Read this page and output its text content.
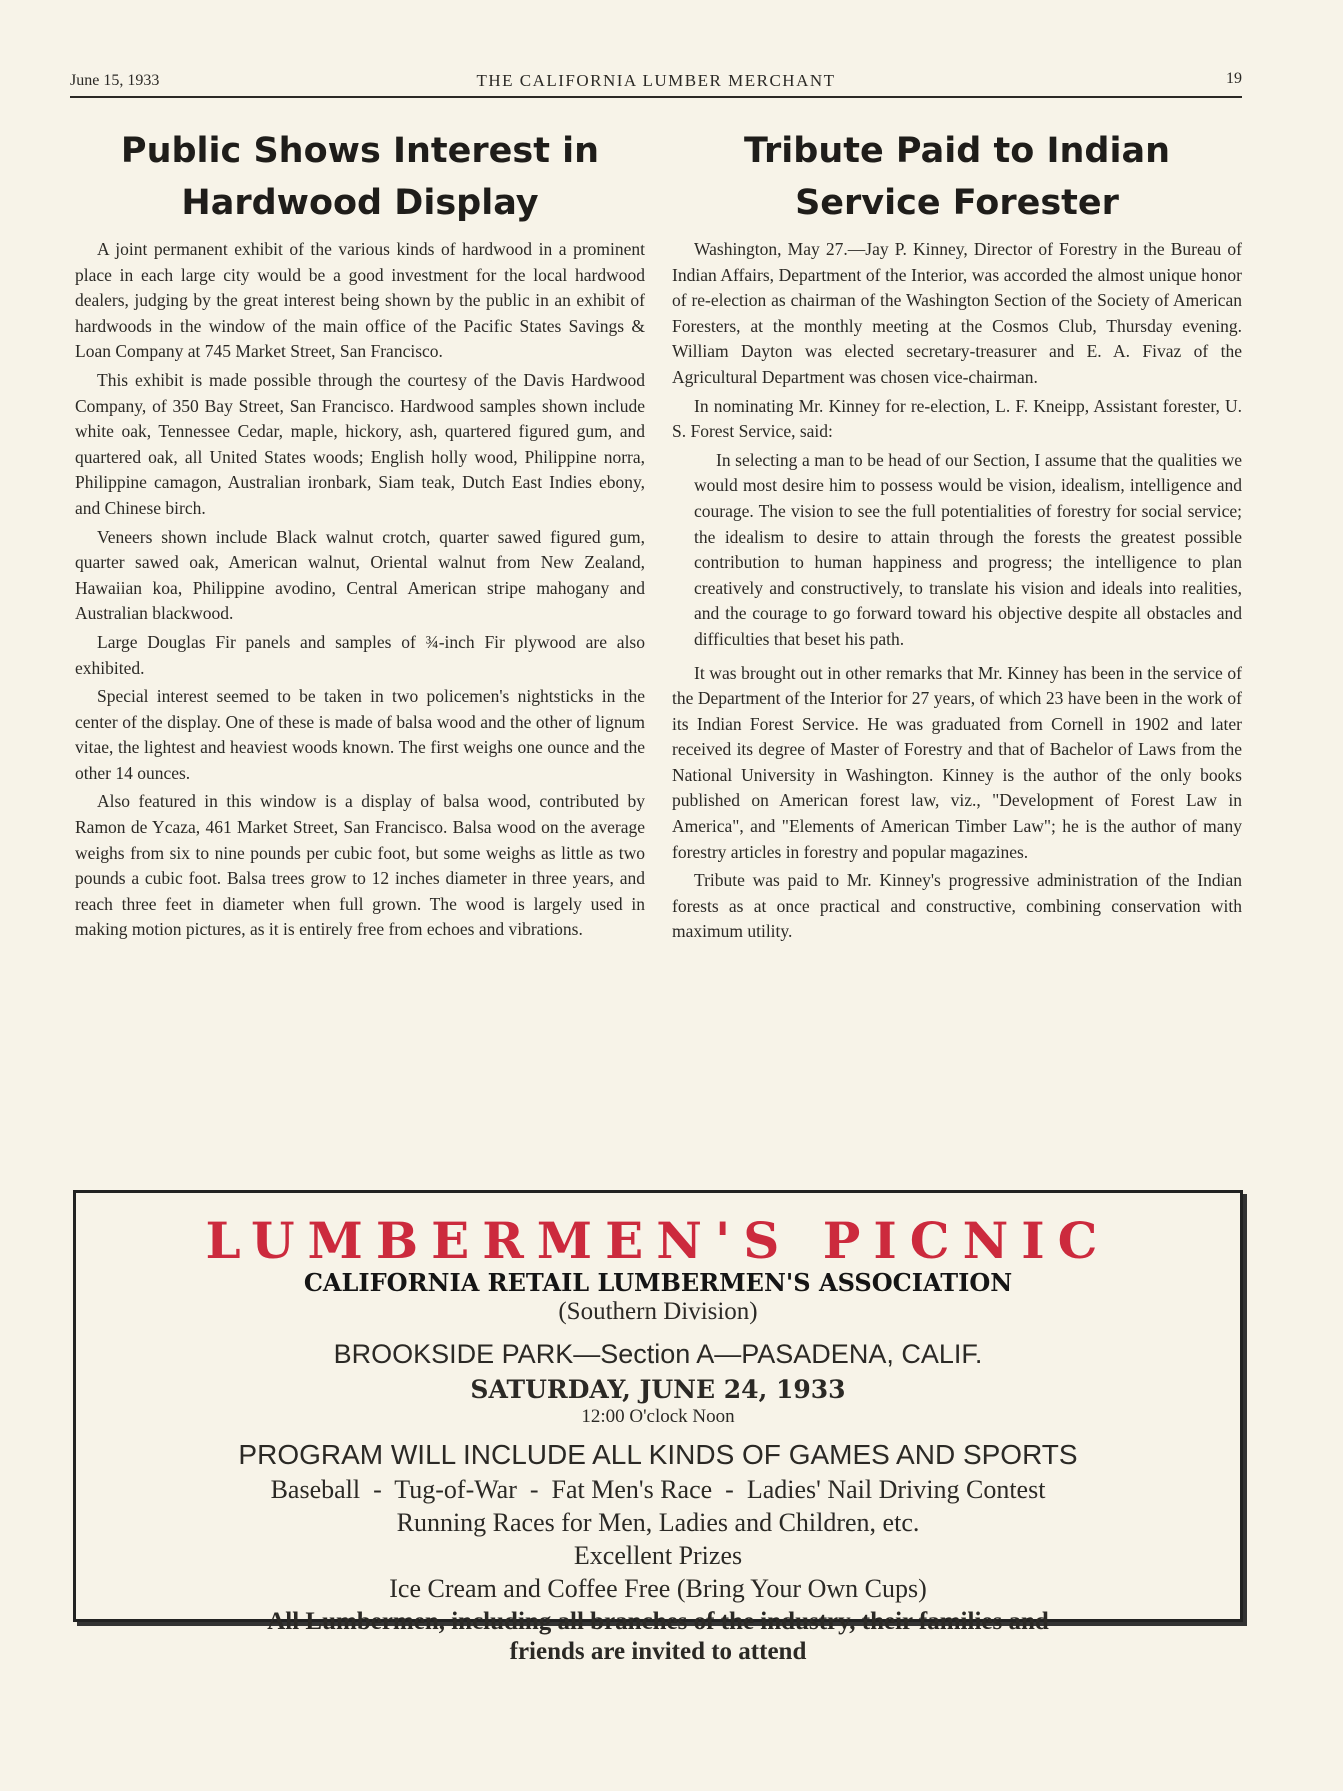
June 15, 1933	THE CALIFORNIA LUMBER MERCHANT	19
Public Shows Interest in Hardwood Display

A joint permanent exhibit of the various kinds of hardwood in a prominent place in each large city would be a good investment for the local hardwood dealers, judging by the great interest being shown by the public in an exhibit of hardwoods in the window of the main office of the Pacific States Savings & Loan Company at 745 Market Street, San Francisco.

This exhibit is made possible through the courtesy of the Davis Hardwood Company, of 350 Bay Street, San Francisco. Hardwood samples shown include white oak, Tennessee Cedar, maple, hickory, ash, quartered figured gum, and quartered oak, all United States woods; English holly wood, Philippine norra, Philippine camagon, Australian ironbark, Siam teak, Dutch East Indies ebony, and Chinese birch.

Veneers shown include Black walnut crotch, quarter sawed figured gum, quarter sawed oak, American walnut, Oriental walnut from New Zealand, Hawaiian koa, Philippine avodino, Central American stripe mahogany and Australian blackwood.

Large Douglas Fir panels and samples of ¾-inch Fir plywood are also exhibited.

Special interest seemed to be taken in two policemen's nightsticks in the center of the display. One of these is made of balsa wood and the other of lignum vitae, the lightest and heaviest woods known. The first weighs one ounce and the other 14 ounces.

Also featured in this window is a display of balsa wood, contributed by Ramon de Ycaza, 461 Market Street, San Francisco. Balsa wood on the average weighs from six to nine pounds per cubic foot, but some weighs as little as two pounds a cubic foot. Balsa trees grow to 12 inches diameter in three years, and reach three feet in diameter when full grown. The wood is largely used in making motion pictures, as it is entirely free from echoes and vibrations.

Tribute Paid to Indian Service Forester

Washington, May 27.—Jay P. Kinney, Director of Forestry in the Bureau of Indian Affairs, Department of the Interior, was accorded the almost unique honor of re-election as chairman of the Washington Section of the Society of American Foresters, at the monthly meeting at the Cosmos Club, Thursday evening. William Dayton was elected secretary-treasurer and E. A. Fivaz of the Agricultural Department was chosen vice-chairman.

In nominating Mr. Kinney for re-election, L. F. Kneipp, Assistant forester, U. S. Forest Service, said:

In selecting a man to be head of our Section, I assume that the qualities we would most desire him to possess would be vision, idealism, intelligence and courage. The vision to see the full potentialities of forestry for social service; the idealism to desire to attain through the forests the greatest possible contribution to human happiness and progress; the intelligence to plan creatively and constructively, to translate his vision and ideals into realities, and the courage to go forward toward his objective despite all obstacles and difficulties that beset his path.

It was brought out in other remarks that Mr. Kinney has been in the service of the Department of the Interior for 27 years, of which 23 have been in the work of its Indian Forest Service. He was graduated from Cornell in 1902 and later received its degree of Master of Forestry and that of Bachelor of Laws from the National University in Washington. Kinney is the author of the only books published on American forest law, viz., "Development of Forest Law in America", and "Elements of American Timber Law"; he is the author of many forestry articles in forestry and popular magazines.

Tribute was paid to Mr. Kinney's progressive administration of the Indian forests as at once practical and constructive, combining conservation with maximum utility.

LUMBERMEN'S PICNIC
CALIFORNIA RETAIL LUMBERMEN'S ASSOCIATION
(Southern Division)
BROOKSIDE PARK—Section A—PASADENA, CALIF.
SATURDAY, JUNE 24, 1933
12:00 O'clock Noon
PROGRAM WILL INCLUDE ALL KINDS OF GAMES AND SPORTS
Baseball  -  Tug-of-War  -  Fat Men's Race  -  Ladies' Nail Driving Contest
Running Races for Men, Ladies and Children, etc.
Excellent Prizes
Ice Cream and Coffee Free (Bring Your Own Cups)
All Lumbermen, including all branches of the industry, their families and friends are invited to attend
